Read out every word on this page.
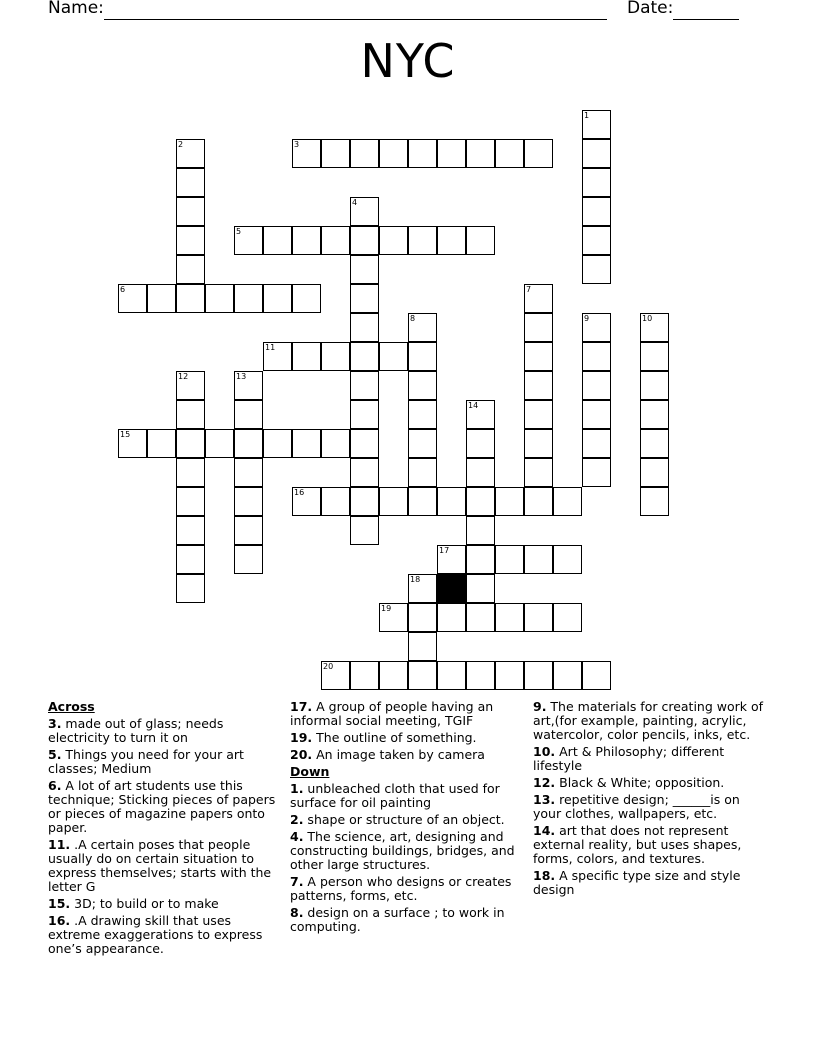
Name:	Date:
NYC
3
5
6
11
15
16
17
19
20
1
2
4
7
8	9	10
12	13
14
18
Across
3. made out of glass; needs electricity to turn it on
5. Things you need for your art classes; Medium
6. A lot of art students use this technique; Sticking pieces of papers or pieces of magazine papers onto paper.
11. .A certain poses that people usually do on certain situation to express themselves; starts with the letter G
15. 3D; to build or to make
16. .A drawing skill that uses extreme exaggerations to express one’s appearance.
17. A group of people having an informal social meeting, TGIF
19. The outline of something.
20. An image taken by camera
Down
1. unbleached cloth that used for surface for oil painting
2. shape or structure of an object.
4. The science, art, designing and constructing buildings, bridges, and other large structures.
7. A person who designs or creates patterns, forms, etc.
8. design on a surface ; to work in computing.
9. The materials for creating work of art,(for example, painting, acrylic, watercolor, color pencils, inks, etc.
10. Art & Philosophy; different lifestyle
12. Black & White; opposition.
13. repetitive design; ______is on your clothes, wallpapers, etc.
14. art that does not represent external reality, but uses shapes, forms, colors, and textures.
18. A specific type size and style design
